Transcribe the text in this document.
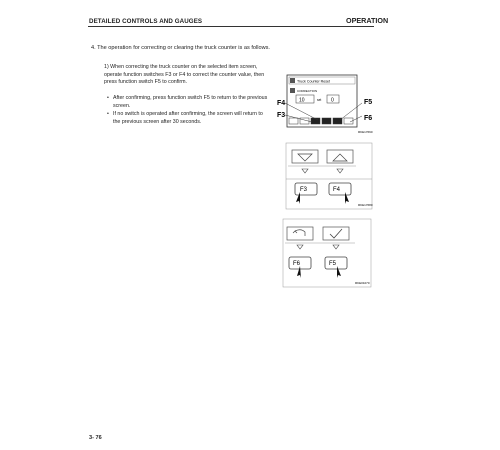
DETAILED CONTROLS AND GAUGES	OPERATION
4. The operation for correcting or clearing the truck counter is as follows.
1) When correcting the truck counter on the selected item screen, operate function switches F3 or F4 to correct the counter value, then press function switch F5 to confirm.
• After confirming, press function switch F5 to return to the previous screen.
• If no switch is operated after confirming, the screen will return to the previous screen after 30 seconds.
Truck Counter Reset
CORRECTION
10	set 0
F4
F3
F5
F6
RKE17690
F3	F4
RKE17680
F6	F5
RKE01070
3- 76
